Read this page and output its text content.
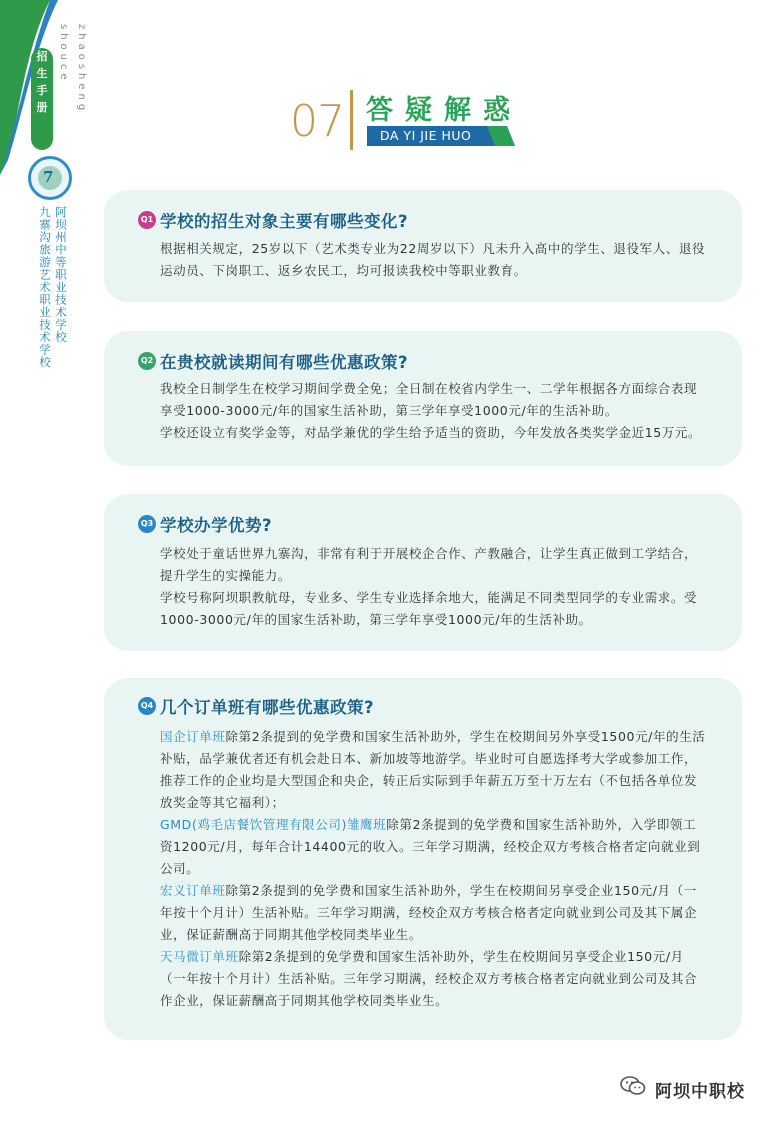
招
生
手
册
shouce zhaosheng
7
阿坝州中等职业技术学校
九寨沟旅游艺术职业技术学校
07 答疑解惑
DA YI JIE HUO
Q1 学校的招生对象主要有哪些变化?

根据相关规定，25岁以下（艺术类专业为22周岁以下）凡未升入高中的学生、退役军人、退役运动员、下岗职工、返乡农民工，均可报读我校中等职业教育。

Q2 在贵校就读期间有哪些优惠政策?

我校全日制学生在校学习期间学费全免；全日制在校省内学生一、二学年根据各方面综合表现享受1000-3000元/年的国家生活补助，第三学年享受1000元/年的生活补助。

学校还设立有奖学金等，对品学兼优的学生给予适当的资助，今年发放各类奖学金近15万元。

Q3 学校办学优势?

学校处于童话世界九寨沟，非常有利于开展校企合作、产教融合，让学生真正做到工学结合，提升学生的实操能力。

学校号称阿坝职教航母，专业多、学生专业选择余地大，能满足不同类型同学的专业需求。受1000-3000元/年的国家生活补助，第三学年享受1000元/年的生活补助。

Q4 几个订单班有哪些优惠政策?

国企订单班除第2条提到的免学费和国家生活补助外，学生在校期间另外享受1500元/年的生活补贴，品学兼优者还有机会赴日本、新加坡等地游学。毕业时可自愿选择考大学或参加工作，推荐工作的企业均是大型国企和央企，转正后实际到手年薪五万至十万左右（不包括各单位发放奖金等其它福利）；

GMD(鸡毛店餐饮管理有限公司)雏鹰班除第2条提到的免学费和国家生活补助外，入学即领工资1200元/月，每年合计14400元的收入。三年学习期满，经校企双方考核合格者定向就业到公司。

宏义订单班除第2条提到的免学费和国家生活补助外，学生在校期间另享受企业150元/月（一年按十个月计）生活补贴。三年学习期满，经校企双方考核合格者定向就业到公司及其下属企业，保证薪酬高于同期其他学校同类毕业生。

天马微订单班除第2条提到的免学费和国家生活补助外，学生在校期间另享受企业150元/月（一年按十个月计）生活补贴。三年学习期满，经校企双方考核合格者定向就业到公司及其合作企业，保证薪酬高于同期其他学校同类毕业生。

阿坝中职校
